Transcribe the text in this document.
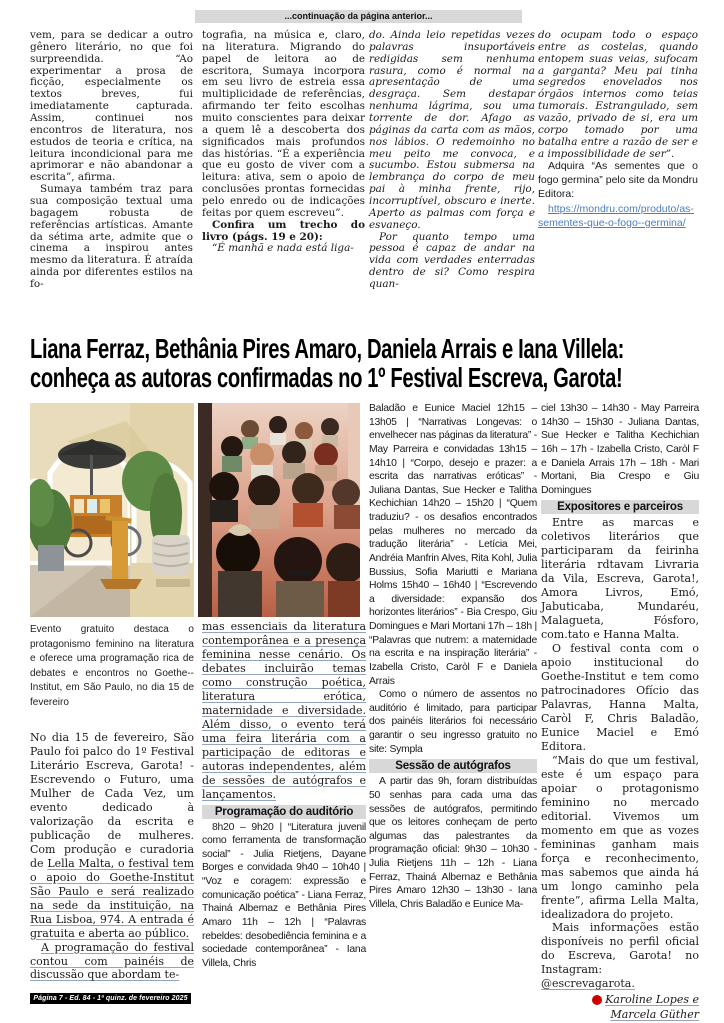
...continuação da página anterior...

vem, para se dedicar a outro gênero literário, no que foi surpreendida. “Ao experimentar a prosa de ficção, especialmente os textos breves, fui imediatamente capturada. Assim, continuei nos encontros de literatura, nos estudos de teoria e crítica, na leitura incondicional para me aprimorar e não abandonar a escrita”, afirma.

Sumaya também traz para sua composição textual uma bagagem robusta de referências artísticas. Amante da sétima arte, admite que o cinema a inspirou antes mesmo da literatura. É atraída ainda por diferentes estilos na fo-

tografia, na música e, claro, na literatura. Migrando do papel de leitora ao de escritora, Sumaya incorpora em seu livro de estreia essa multiplicidade de referências, afirmando ter feito escolhas muito conscientes para deixar a quem lê a descoberta dos significados mais profundos das histórias. “É a experiência que eu gosto de viver com a leitura: ativa, sem o apoio de conclusões prontas fornecidas pelo enredo ou de indicações feitas por quem escreveu”.

Confira um trecho do livro (págs. 19 e 20):

“É manhã e nada está liga-

do. Ainda leio repetidas vezes palavras insuportáveis redigidas sem nenhuma rasura, como é normal na apresentação de uma desgraça. Sem destapar nenhuma lágrima, sou uma torrente de dor. Afago as páginas da carta com as mãos, nos lábios. O redemoinho no meu peito me convoca, e sucumbo. Estou submersa na lembrança do corpo de meu pai à minha frente, rijo, incorruptível, obscuro e inerte. Aperto as palmas com força e esvaneço.

Por quanto tempo uma pessoa é capaz de andar na vida com verdades enterradas dentro de si? Como respira quan-

do ocupam todo o espaço entre as costelas, quando entopem suas veias, sufocam a garganta? Meu pai tinha segredos enovelados nos órgãos internos como teias tumorais. Estrangulado, sem vazão, privado de si, era um corpo tomado por uma batalha entre a razão de ser e a impossibilidade de ser”.

Adquira “As sementes que o fogo germina” pelo site da Mondru Editora:

https://mondru.com/produto/as-sementes-que-o-fogo--germina/
Liana Ferraz, Bethânia Pires Amaro, Daniela Arrais e Iana Villela:
conheça as autoras confirmadas no 1º Festival Escreva, Garota!
Evento gratuito destaca o protagonismo feminino na literatura e oferece uma programação rica de debates e encontros no Goethe--Institut, em São Paulo, no dia 15 de fevereiro

No dia 15 de fevereiro, São Paulo foi palco do 1º Festival Literário Escreva, Garota! - Escrevendo o Futuro, uma Mulher de Cada Vez, um evento dedicado à valorização da escrita e publicação de mulheres. Com produção e curadoria de Lella Malta, o festival tem o apoio do Goethe-Institut São Paulo e será realizado na sede da instituição, na Rua Lisboa, 974. A entrada é gratuita e aberta ao público.

A programação do festival contou com painéis de discussão que abordam te-

mas essenciais da literatura contemporânea e a presença feminina nesse cenário. Os debates incluirão temas como construção poética, literatura erótica, maternidade e diversidade. Além disso, o evento terá uma feira literária com a participação de editoras e autoras independentes, além de sessões de autógrafos e lançamentos.

Programação do auditório

8h20 – 9h20 | “Literatura juvenil como ferramenta de transformação social” - Julia Rietjens, Dayane Borges e convidada 9h40 – 10h40 | “Voz e coragem: expressão e comunicação poética” - Liana Ferraz, Thainá Albernaz e Bethânia Pires Amaro 11h – 12h | “Palavras rebeldes: desobediência feminina e a sociedade contemporânea” - Iana Villela, Chris

Baladão e Eunice Maciel 12h15 – 13h05 | “Narrativas Longevas: o envelhecer nas páginas da literatura” - May Parreira e convidadas 13h15 – 14h10 | “Corpo, desejo e prazer: a escrita das narrativas eróticas” - Juliana Dantas, Sue Hecker e Talitha Kechichian 14h20 – 15h20 | “Quem traduziu? - os desafios encontrados pelas mulheres no mercado da tradução literária” - Letícia Mei, Andréia Manfrin Alves, Rita Kohl, Julia Bussius, Sofia Mariutti e Mariana Holms 15h40 – 16h40 | “Escrevendo a diversidade: expansão dos horizontes literários” - Bia Crespo, Giu Domingues e Mari Mortani 17h – 18h | “Palavras que nutrem: a maternidade na escrita e na inspiração literária” - Izabella Cristo, Caròl F e Daniela Arrais

Como o número de assentos no auditório é limitado, para participar dos painéis literários foi necessário garantir o seu ingresso gratuito no site: Sympla

Sessão de autógrafos

A partir das 9h, foram distribuídas 50 senhas para cada uma das sessões de autógrafos, permitindo que os leitores conheçam de perto algumas das palestrantes da programação oficial: 9h30 – 10h30 - Julia Rietjens 11h – 12h - Liana Ferraz, Thainá Albernaz e Bethânia Pires Amaro 12h30 – 13h30 - Iana Villela, Chris Baladão e Eunice Ma-

ciel 13h30 – 14h30 - May Parreira 14h30 – 15h30 - Juliana Dantas, Sue Hecker e Talitha Kechichian 16h – 17h - Izabella Cristo, Caròl F e Daniela Arrais 17h – 18h - Mari Mortani, Bia Crespo e Giu Domingues

Expositores e parceiros

Entre as marcas e coletivos literários que participaram da feirinha literária rdtavam Livraria da Vila, Escreva, Garota!, Amora Livros, Emó, Jabuticaba, Mundaréu, Malagueta, Fósforo, com.tato e Hanna Malta.

O festival conta com o apoio institucional do Goethe-Institut e tem como patrocinadores Ofício das Palavras, Hanna Malta, Caròl F, Chris Baladão, Eunice Maciel e Emó Editora.

“Mais do que um festival, este é um espaço para apoiar o protagonismo feminino no mercado editorial. Vivemos um momento em que as vozes femininas ganham mais força e reconhecimento, mas sabemos que ainda há um longo caminho pela frente”, afirma Lella Malta, idealizadora do projeto.

Mais informações estão disponíveis no perfil oficial do Escreva, Garota! no Instagram: @escrevagarota.

Karoline Lopes e
Marcela Güther
Página 7 - Ed. 84 - 1ª quinz. de fevereiro 2025
